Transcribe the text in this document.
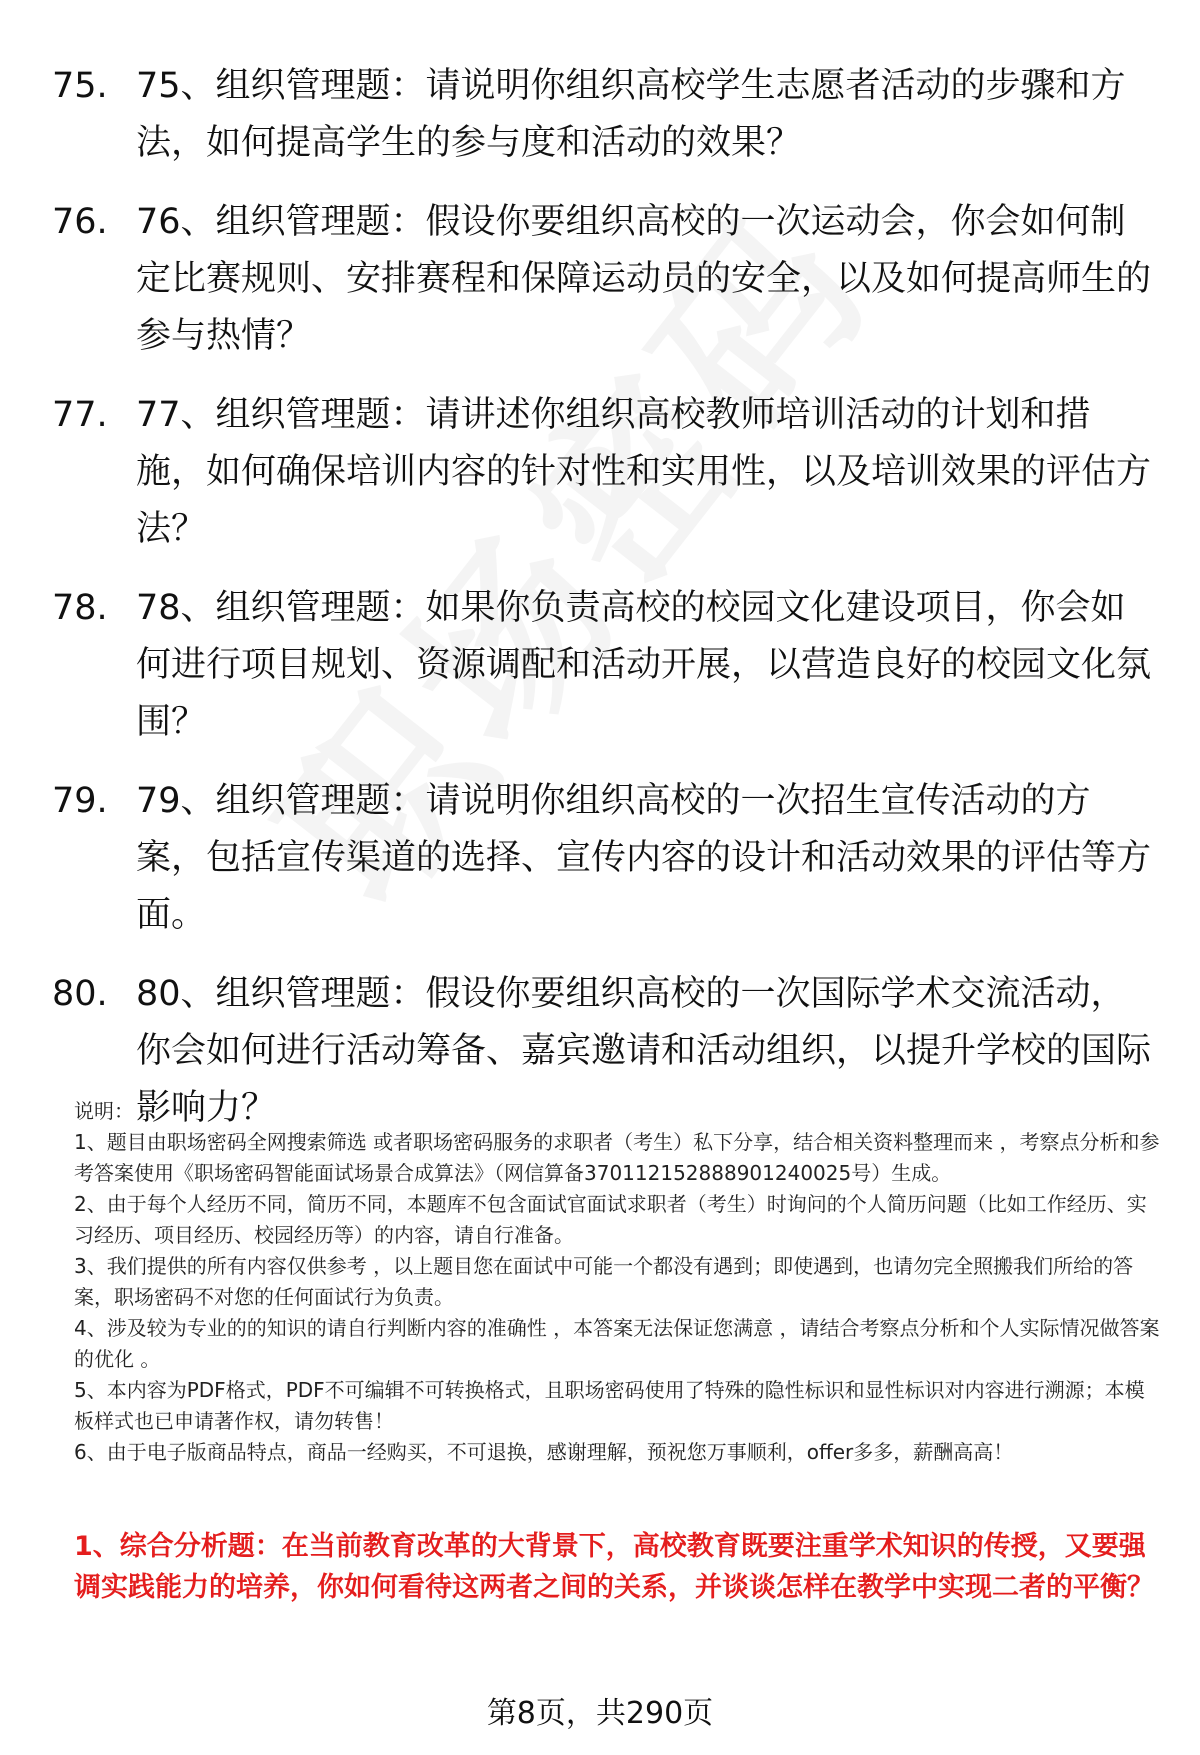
75. 75、组织管理题：请说明你组织高校学生志愿者活动的步骤和方法，如何提高学生的参与度和活动的效果？
76. 76、组织管理题：假设你要组织高校的一次运动会，你会如何制定比赛规则、安排赛程和保障运动员的安全，以及如何提高师生的参与热情？
77. 77、组织管理题：请讲述你组织高校教师培训活动的计划和措施，如何确保培训内容的针对性和实用性，以及培训效果的评估方法？
78. 78、组织管理题：如果你负责高校的校园文化建设项目，你会如何进行项目规划、资源调配和活动开展，以营造良好的校园文化氛围？
79. 79、组织管理题：请说明你组织高校的一次招生宣传活动的方案，包括宣传渠道的选择、宣传内容的设计和活动效果的评估等方面。
80. 80、组织管理题：假设你要组织高校的一次国际学术交流活动，你会如何进行活动筹备、嘉宾邀请和活动组织，以提升学校的国际影响力？

说明：

1、题目由职场密码全网搜索筛选 或者职场密码服务的求职者（考生）私下分享，结合相关资料整理而来 ，考察点分析和参考答案使用《职场密码智能面试场景合成算法》（网信算备370112152888901240025号）生成。

2、由于每个人经历不同，简历不同，本题库不包含面试官面试求职者（考生）时询问的个人简历问题（比如工作经历、实习经历、项目经历、校园经历等）的内容，请自行准备。

3、我们提供的所有内容仅供参考 ，以上题目您在面试中可能一个都没有遇到；即使遇到，也请勿完全照搬我们所给的答案，职场密码不对您的任何面试行为负责。

4、涉及较为专业的的知识的请自行判断内容的准确性 ，本答案无法保证您满意 ，请结合考察点分析和个人实际情况做答案的优化 。

5、本内容为PDF格式，PDF不可编辑不可转换格式，且职场密码使用了特殊的隐性标识和显性标识对内容进行溯源；本模板样式也已申请著作权，请勿转售！

6、由于电子版商品特点，商品一经购买，不可退换，感谢理解，预祝您万事顺利，offer多多，薪酬高高！

1、综合分析题：在当前教育改革的大背景下，高校教育既要注重学术知识的传授，又要强调实践能力的培养，你如何看待这两者之间的关系，并谈谈怎样在教学中实现二者的平衡？
第8页，共290页
